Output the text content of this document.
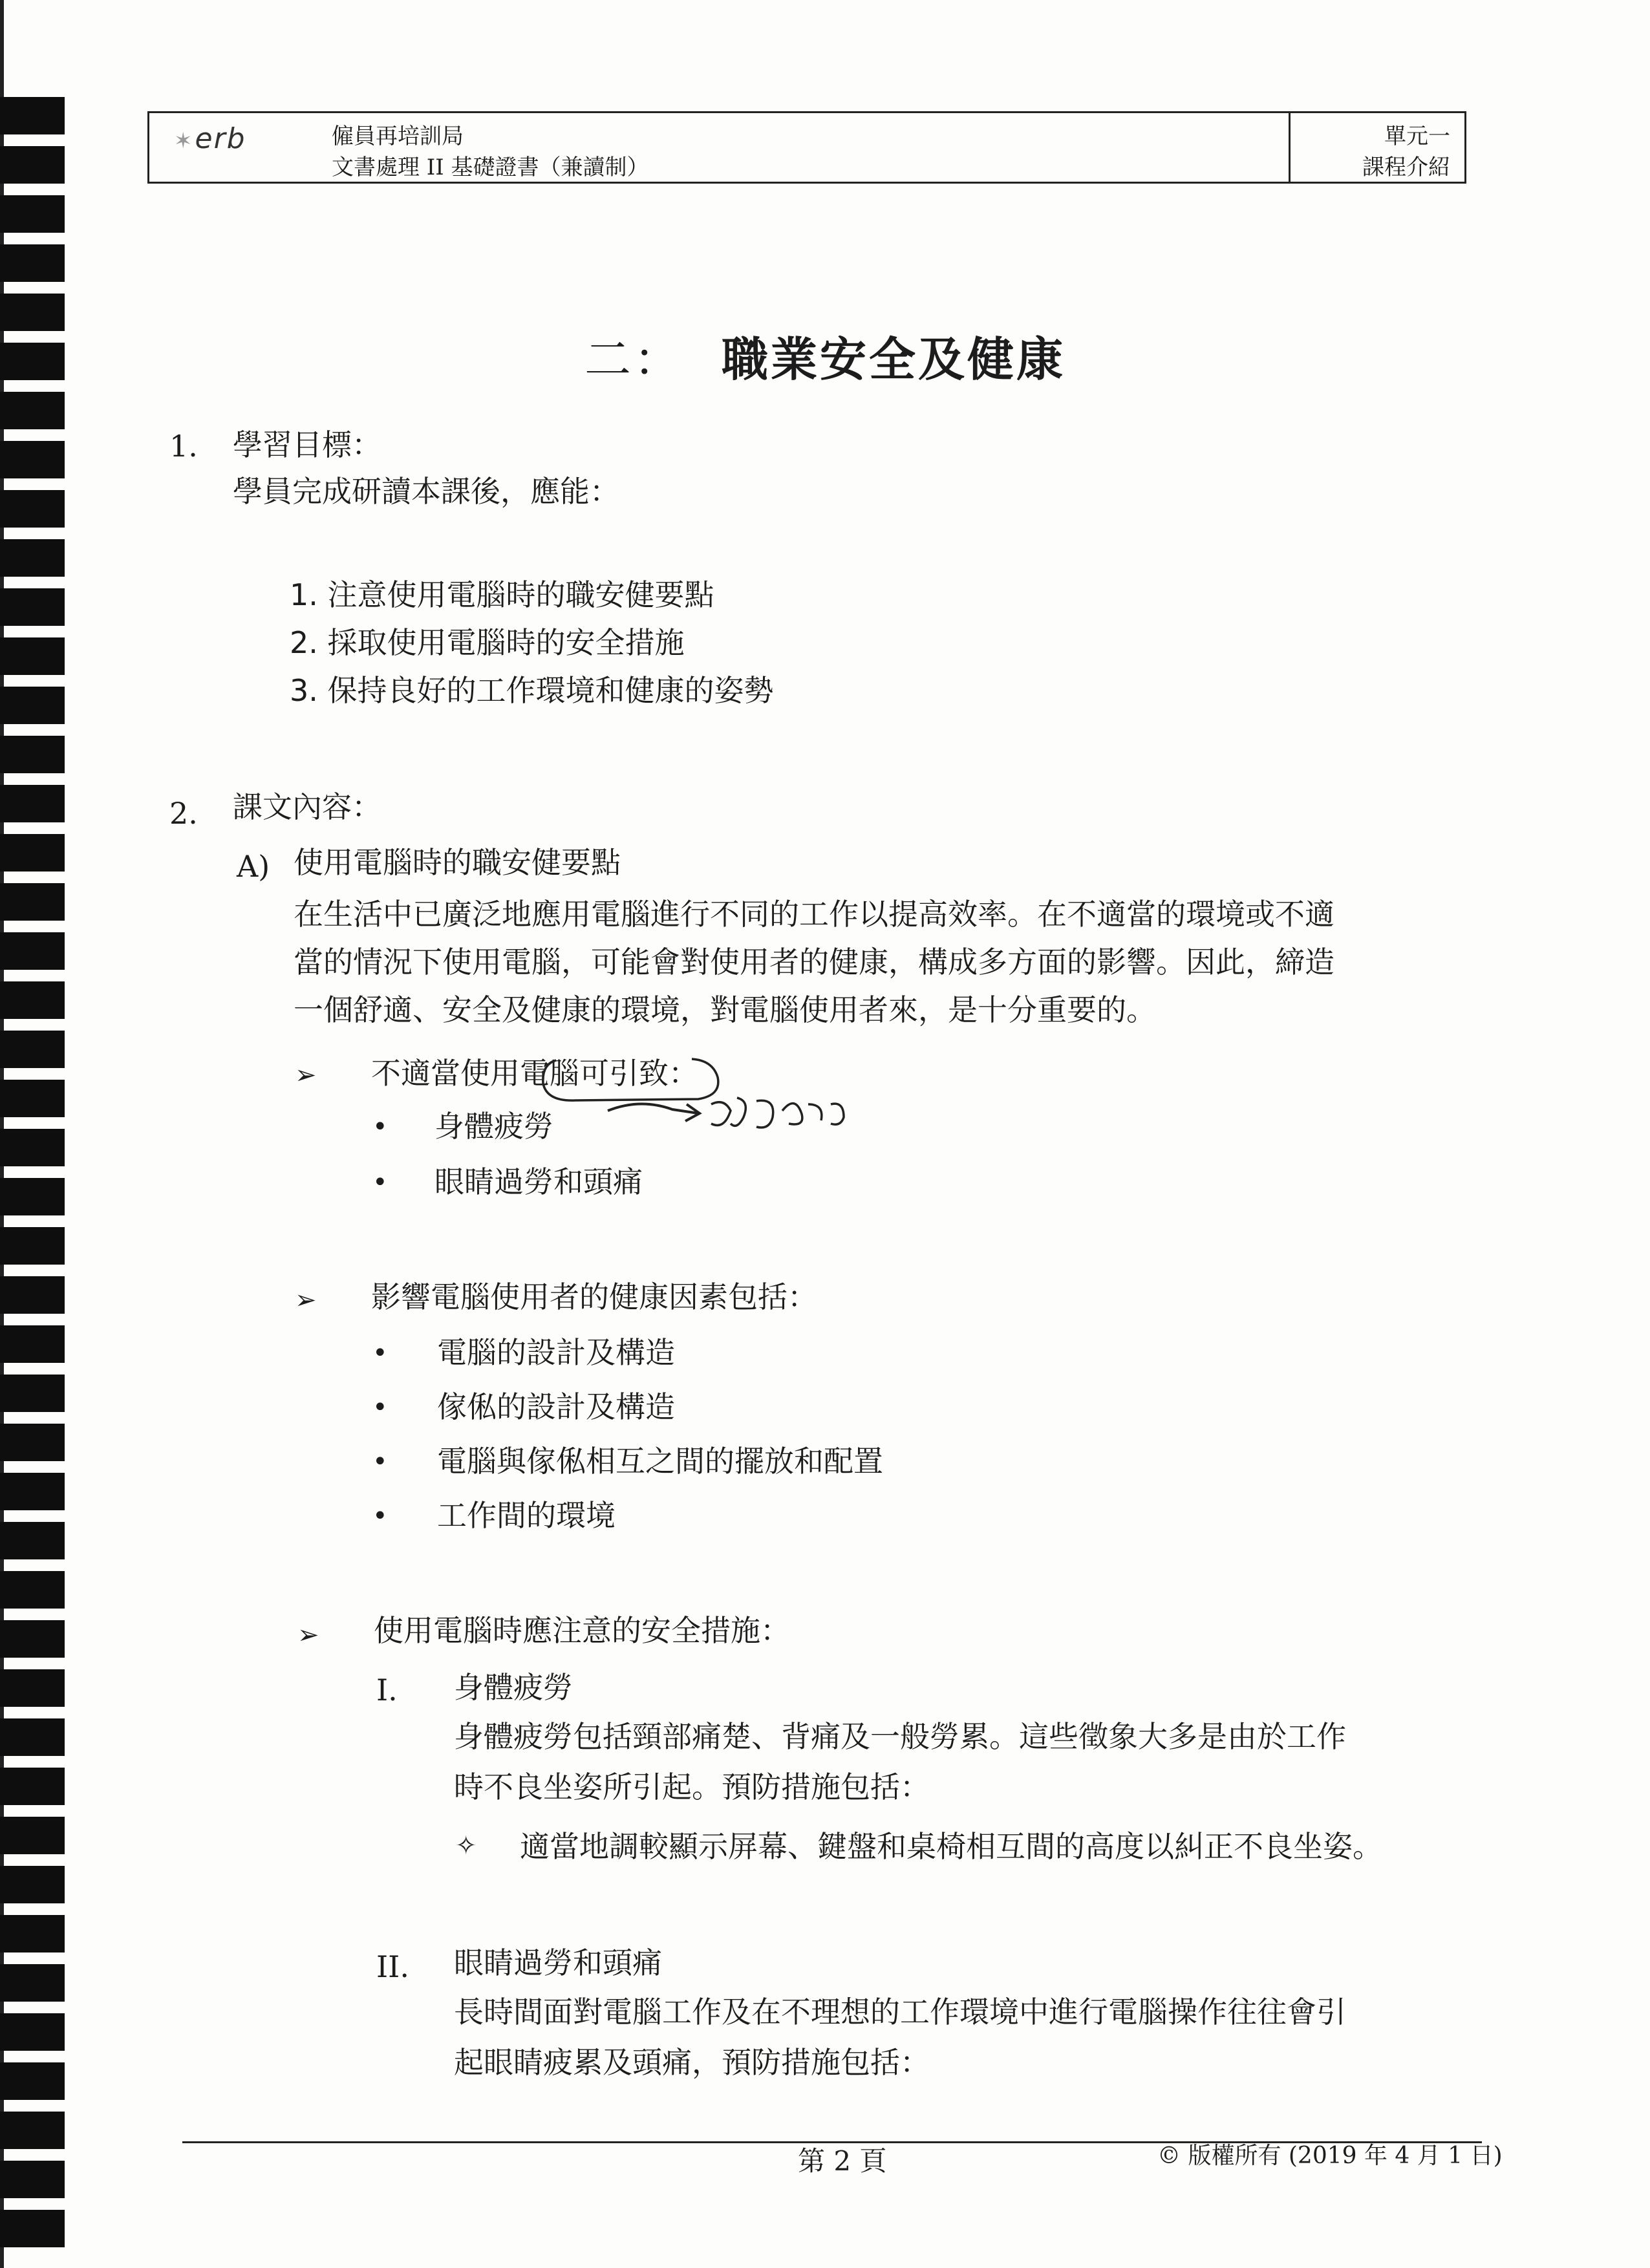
✶erb	僱員再培訓局
文書處理 II 基礎證書（兼讀制）
單元一
課程介紹
二： 職業安全及健康
1. 學習目標：
學員完成研讀本課後，應能：
1. 注意使用電腦時的職安健要點
2. 採取使用電腦時的安全措施
3. 保持良好的工作環境和健康的姿勢
2. 課文內容：
A) 使用電腦時的職安健要點
在生活中已廣泛地應用電腦進行不同的工作以提高效率。在不適當的環境或不適
當的情況下使用電腦，可能會對使用者的健康，構成多方面的影響。因此，締造
一個舒適、安全及健康的環境，對電腦使用者來，是十分重要的。
➢ 不適當使用電腦可引致：
• 身體疲勞
• 眼睛過勞和頭痛
➢ 影響電腦使用者的健康因素包括：
• 電腦的設計及構造
• 傢俬的設計及構造
• 電腦與傢俬相互之間的擺放和配置
• 工作間的環境
➢ 使用電腦時應注意的安全措施：
I. 身體疲勞
身體疲勞包括頸部痛楚、背痛及一般勞累。這些徵象大多是由於工作
時不良坐姿所引起。預防措施包括：
✧ 適當地調較顯示屏幕、鍵盤和桌椅相互間的高度以糾正不良坐姿。
II. 眼睛過勞和頭痛
長時間面對電腦工作及在不理想的工作環境中進行電腦操作往往會引
起眼睛疲累及頭痛，預防措施包括：
第 2 頁	© 版權所有 (2019 年 4 月 1 日)
